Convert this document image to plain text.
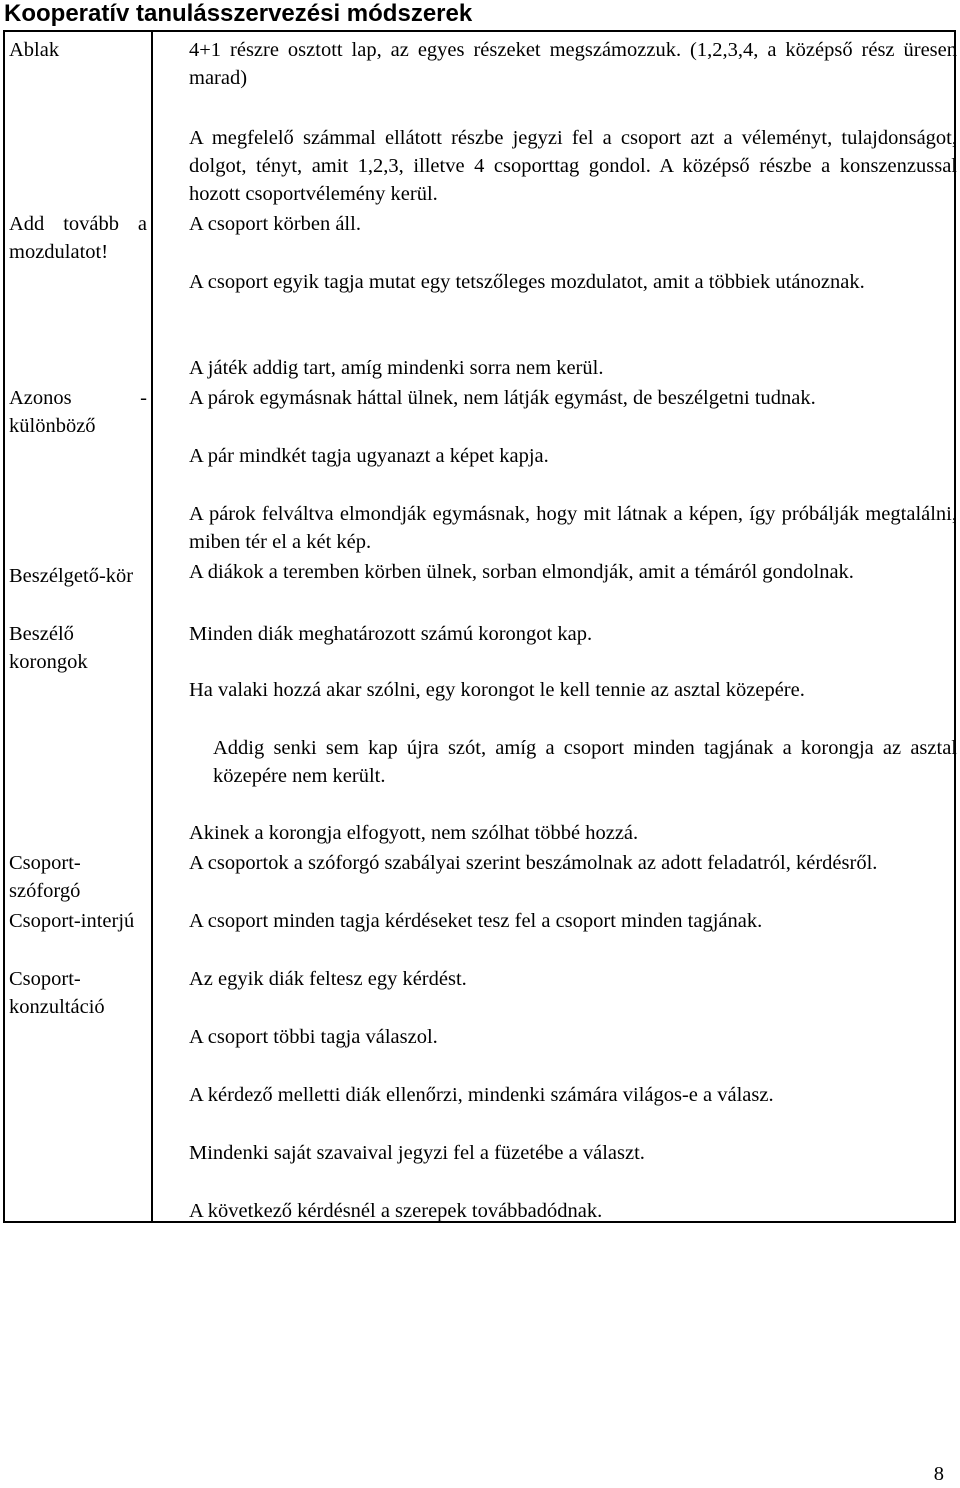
Kooperatív tanulásszervezési módszerek
Ablak
Add tovább a mozdulatot!
Azonos - különböző
Beszélgető-kör
Beszélő korongok
Csoport-szóforgó
Csoport-interjú
Csoport-konzultáció
4+1 részre osztott lap, az egyes részeket megszámozzuk. (1,2,3,4, a középső rész üresen marad)
A megfelelő számmal ellátott részbe jegyzi fel a csoport azt a véleményt, tulajdonságot, dolgot, tényt, amit 1,2,3, illetve 4 csoporttag gondol. A középső részbe a konszenzussal hozott csoportvélemény kerül.
A csoport körben áll.
A csoport egyik tagja mutat egy tetszőleges mozdulatot, amit a többiek utánoznak.
A játék addig tart, amíg mindenki sorra nem kerül.
A párok egymásnak háttal ülnek, nem látják egymást, de beszélgetni tudnak.
A pár mindkét tagja ugyanazt a képet kapja.
A párok felváltva elmondják egymásnak, hogy mit látnak a képen, így próbálják megtalálni, miben tér el a két kép.
A diákok a teremben körben ülnek, sorban elmondják, amit a témáról gondolnak.
Minden diák meghatározott számú korongot kap.
Ha valaki hozzá akar szólni, egy korongot le kell tennie az asztal közepére.
Addig senki sem kap újra szót, amíg a csoport minden tagjának a korongja az asztal közepére nem került.
Akinek a korongja elfogyott, nem szólhat többé hozzá.
A csoportok a szóforgó szabályai szerint beszámolnak az adott feladatról, kérdésről.
A csoport minden tagja kérdéseket tesz fel a csoport minden tagjának.
Az egyik diák feltesz egy kérdést.
A csoport többi tagja válaszol.
A kérdező melletti diák ellenőrzi, mindenki számára világos-e a válasz.
Mindenki saját szavaival jegyzi fel a füzetébe a választ.
A következő kérdésnél a szerepek továbbadódnak.
8
